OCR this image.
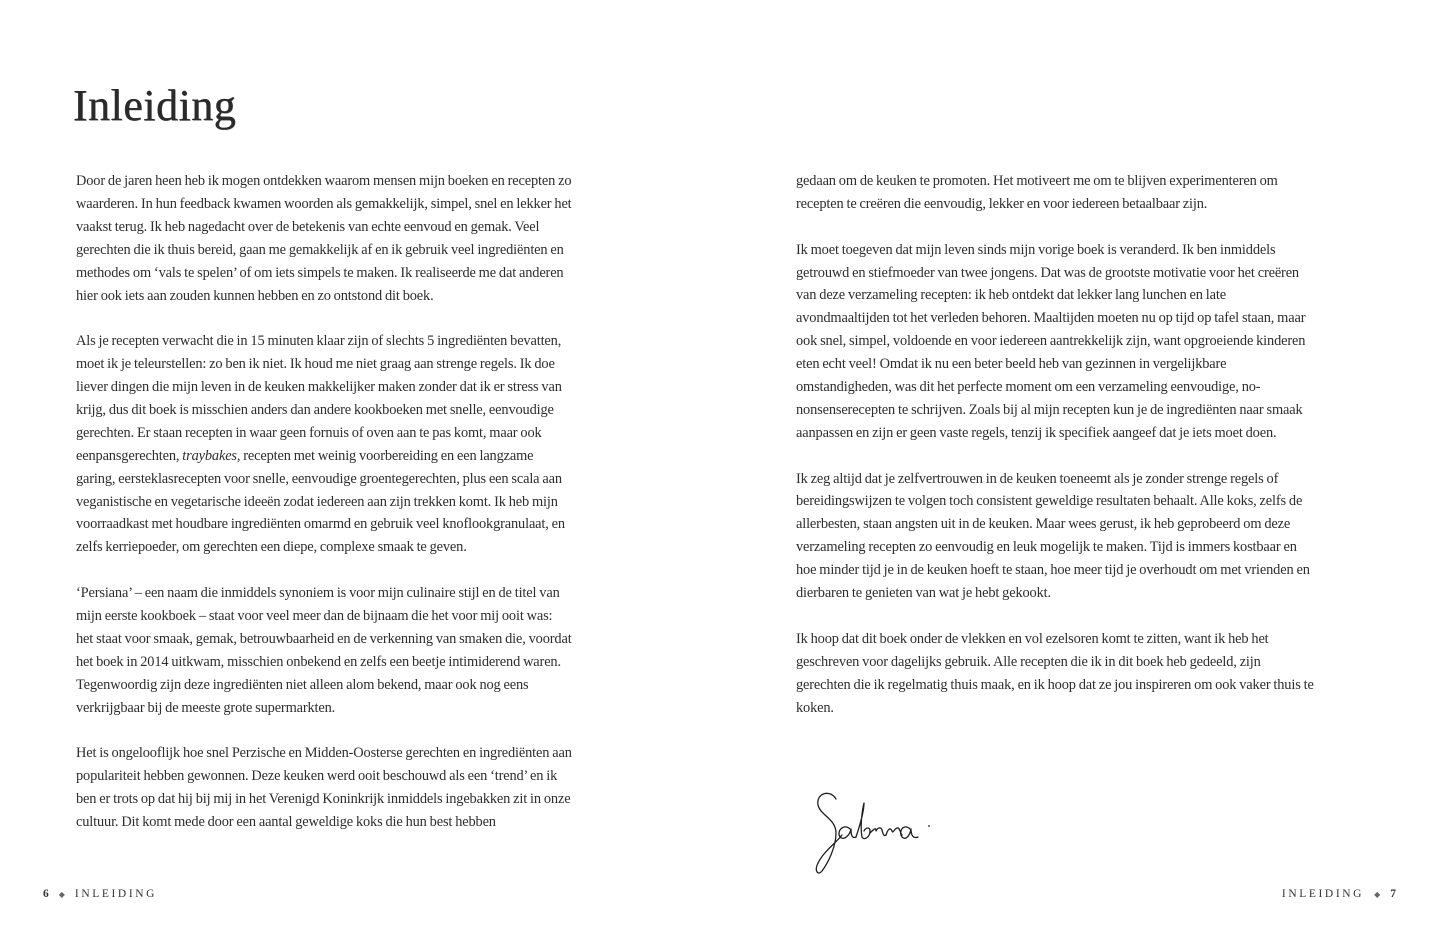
Inleiding

Door de jaren heen heb ik mogen ontdekken waarom mensen mijn boeken en recepten zo waarderen. In hun feedback kwamen woorden als gemakkelijk, simpel, snel en lekker het vaakst terug. Ik heb nagedacht over de betekenis van echte eenvoud en gemak. Veel gerechten die ik thuis bereid, gaan me gemakkelijk af en ik gebruik veel ingrediënten en methodes om ‘vals te spelen’ of om iets simpels te maken. Ik realiseerde me dat anderen hier ook iets aan zouden kunnen hebben en zo ontstond dit boek.

Als je recepten verwacht die in 15 minuten klaar zijn of slechts 5 ingrediënten bevatten, moet ik je teleurstellen: zo ben ik niet. Ik houd me niet graag aan strenge regels. Ik doe liever dingen die mijn leven in de keuken makkelijker maken zonder dat ik er stress van krijg, dus dit boek is misschien anders dan andere kookboeken met snelle, eenvoudige gerechten. Er staan recepten in waar geen fornuis of oven aan te pas komt, maar ook eenpansgerechten, traybakes, recepten met weinig voorbereiding en een langzame garing, eersteklasrecepten voor snelle, eenvoudige groentegerechten, plus een scala aan veganistische en vegetarische ideeën zodat iedereen aan zijn trekken komt. Ik heb mijn voorraadkast met houdbare ingrediënten omarmd en gebruik veel knoflookgranulaat, en zelfs kerriepoeder, om gerechten een diepe, complexe smaak te geven.

‘Persiana’ – een naam die inmiddels synoniem is voor mijn culinaire stijl en de titel van mijn eerste kookboek – staat voor veel meer dan de bijnaam die het voor mij ooit was: het staat voor smaak, gemak, betrouwbaarheid en de verkenning van smaken die, voordat het boek in 2014 uitkwam, misschien onbekend en zelfs een beetje intimiderend waren. Tegenwoordig zijn deze ingrediënten niet alleen alom bekend, maar ook nog eens verkrijgbaar bij de meeste grote supermarkten.

Het is ongelooflijk hoe snel Perzische en Midden-Oosterse gerechten en ingrediënten aan populariteit hebben gewonnen. Deze keuken werd ooit beschouwd als een ‘trend’ en ik ben er trots op dat hij bij mij in het Verenigd Koninkrijk inmiddels ingebakken zit in onze cultuur. Dit komt mede door een aantal geweldige koks die hun best hebben

6 ◆ INLEIDING

gedaan om de keuken te promoten. Het motiveert me om te blijven experimenteren om recepten te creëren die eenvoudig, lekker en voor iedereen betaalbaar zijn.

Ik moet toegeven dat mijn leven sinds mijn vorige boek is veranderd. Ik ben inmiddels getrouwd en stiefmoeder van twee jongens. Dat was de grootste motivatie voor het creëren van deze verzameling recepten: ik heb ontdekt dat lekker lang lunchen en late avondmaaltijden tot het verleden behoren. Maaltijden moeten nu op tijd op tafel staan, maar ook snel, simpel, voldoende en voor iedereen aantrekkelijk zijn, want opgroeiende kinderen eten echt veel! Omdat ik nu een beter beeld heb van gezinnen in vergelijkbare omstandigheden, was dit het perfecte moment om een verzameling eenvoudige, no-nonsenserecepten te schrijven. Zoals bij al mijn recepten kun je de ingrediënten naar smaak aanpassen en zijn er geen vaste regels, tenzij ik specifiek aangeef dat je iets moet doen.

Ik zeg altijd dat je zelfvertrouwen in de keuken toeneemt als je zonder strenge regels of bereidingswijzen te volgen toch consistent geweldige resultaten behaalt. Alle koks, zelfs de allerbesten, staan angsten uit in de keuken. Maar wees gerust, ik heb geprobeerd om deze verzameling recepten zo eenvoudig en leuk mogelijk te maken. Tijd is immers kostbaar en hoe minder tijd je in de keuken hoeft te staan, hoe meer tijd je overhoudt om met vrienden en dierbaren te genieten van wat je hebt gekookt.

Ik hoop dat dit boek onder de vlekken en vol ezelsoren komt te zitten, want ik heb het geschreven voor dagelijks gebruik. Alle recepten die ik in dit boek heb gedeeld, zijn gerechten die ik regelmatig thuis maak, en ik hoop dat ze jou inspireren om ook vaker thuis te koken.

INLEIDING ◆ 7
